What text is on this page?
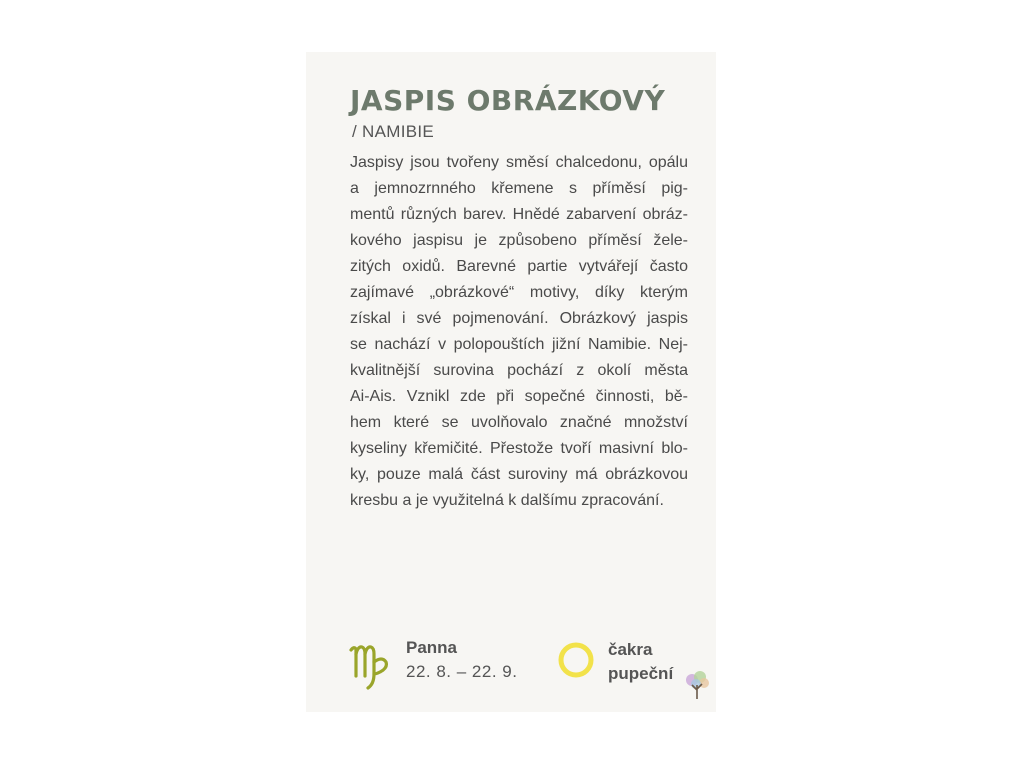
JASPIS OBRÁZKOVÝ
/ NAMIBIE

Jaspisy jsou tvořeny směsí chalcedonu, opálu
a jemnozrnného křemene s příměsí pig-
mentů různých barev. Hnědé zabarvení obráz-
kového jaspisu je způsobeno příměsí žele-
zitých oxidů. Barevné partie vytvářejí často
zajímavé „obrázkové“ motivy, díky kterým
získal i své pojmenování. Obrázkový jaspis
se nachází v polopouštích jižní Namibie. Nej-
kvalitnější surovina pochází z okolí města
Ai-Ais. Vznikl zde při sopečné činnosti, bě-
hem které se uvolňovalo značné množství
kyseliny křemičité. Přestože tvoří masivní blo-
ky, pouze malá část suroviny má obrázkovou
kresbu a je využitelná k dalšímu zpracování.

Panna
22. 8. – 22. 9.
čakra
pupeční
